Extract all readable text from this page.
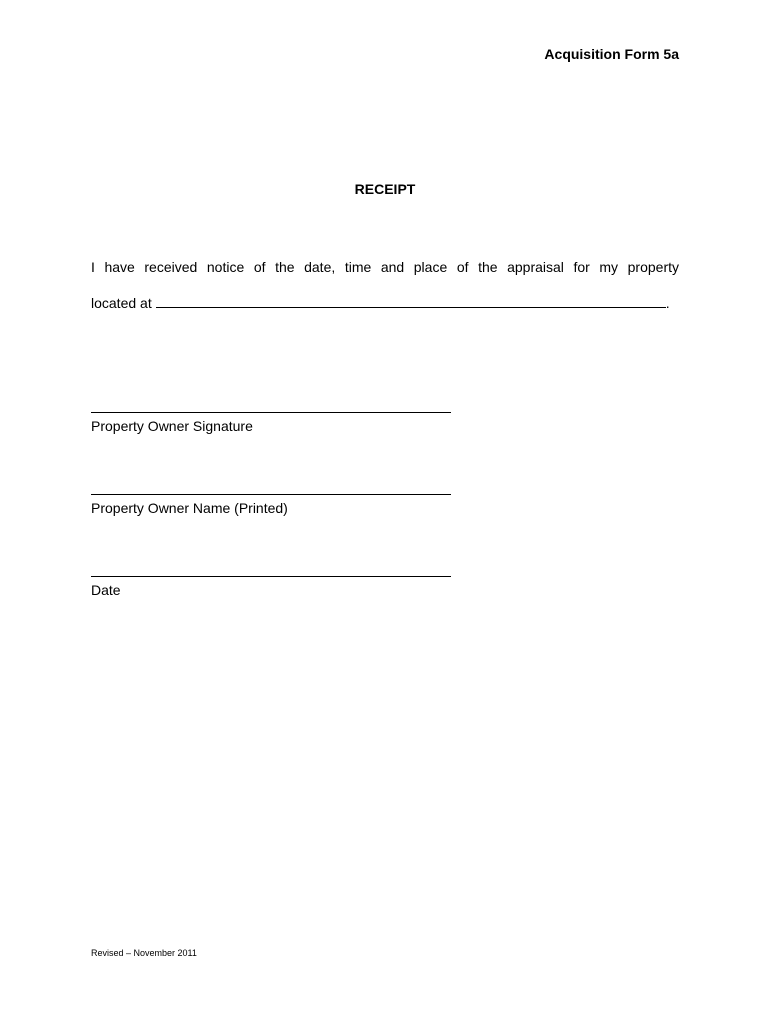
Acquisition Form 5a
RECEIPT
I have received notice of the date, time and place of the appraisal for my property
located at	.
Property Owner Signature
Property Owner Name (Printed)
Date
Revised – November 2011
